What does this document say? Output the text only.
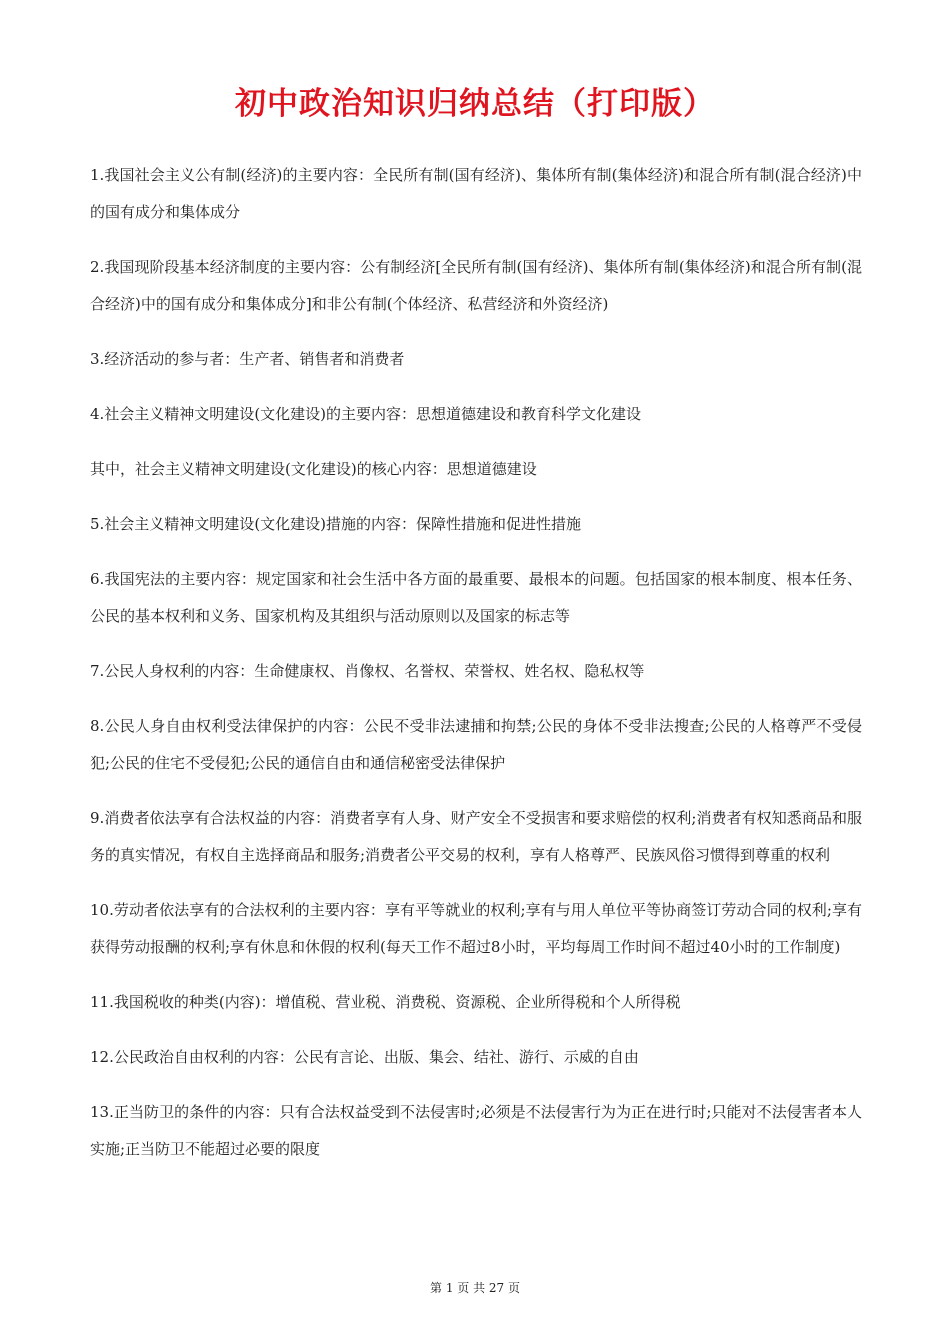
初中政治知识归纳总结（打印版）

1.我国社会主义公有制(经济)的主要内容：全民所有制(国有经济)、集体所有制(集体经济)和混合所有制(混合经济)中的国有成分和集体成分

2.我国现阶段基本经济制度的主要内容：公有制经济[全民所有制(国有经济)、集体所有制(集体经济)和混合所有制(混合经济)中的国有成分和集体成分]和非公有制(个体经济、私营经济和外资经济)

3.经济活动的参与者：生产者、销售者和消费者

4.社会主义精神文明建设(文化建设)的主要内容：思想道德建设和教育科学文化建设

其中，社会主义精神文明建设(文化建设)的核心内容：思想道德建设

5.社会主义精神文明建设(文化建设)措施的内容：保障性措施和促进性措施

6.我国宪法的主要内容：规定国家和社会生活中各方面的最重要、最根本的问题。包括国家的根本制度、根本任务、公民的基本权利和义务、国家机构及其组织与活动原则以及国家的标志等

7.公民人身权利的内容：生命健康权、肖像权、名誉权、荣誉权、姓名权、隐私权等

8.公民人身自由权利受法律保护的内容：公民不受非法逮捕和拘禁;公民的身体不受非法搜查;公民的人格尊严不受侵犯;公民的住宅不受侵犯;公民的通信自由和通信秘密受法律保护

9.消费者依法享有合法权益的内容：消费者享有人身、财产安全不受损害和要求赔偿的权利;消费者有权知悉商品和服务的真实情况，有权自主选择商品和服务;消费者公平交易的权利，享有人格尊严、民族风俗习惯得到尊重的权利

10.劳动者依法享有的合法权利的主要内容：享有平等就业的权利;享有与用人单位平等协商签订劳动合同的权利;享有获得劳动报酬的权利;享有休息和休假的权利(每天工作不超过8小时，平均每周工作时间不超过40小时的工作制度)

11.我国税收的种类(内容)：增值税、营业税、消费税、资源税、企业所得税和个人所得税

12.公民政治自由权利的内容：公民有言论、出版、集会、结社、游行、示威的自由

13.正当防卫的条件的内容：只有合法权益受到不法侵害时;必须是不法侵害行为为正在进行时;只能对不法侵害者本人实施;正当防卫不能超过必要的限度

第 1 页 共 27 页
